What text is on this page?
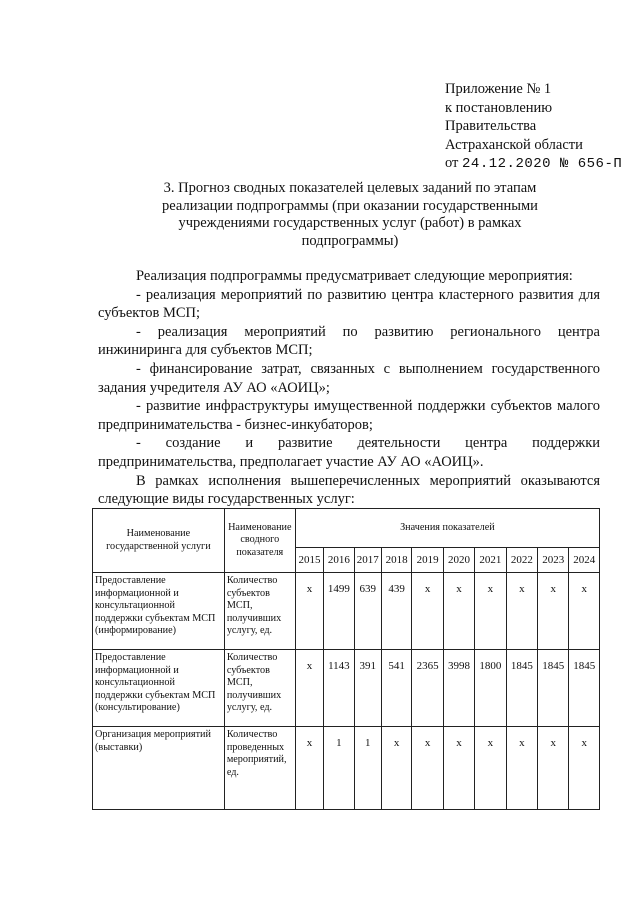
Приложение № 1
к постановлению
Правительства
Астраханской области
от 24.12.2020 № 656-П
3. Прогноз сводных показателей целевых заданий по этапам реализации подпрограммы (при оказании государственными учреждениями государственных услуг (работ) в рамках подпрограммы)

Реализация подпрограммы предусматривает следующие мероприятия:

- реализация мероприятий по развитию центра кластерного развития для субъектов МСП;

- реализация мероприятий по развитию регионального центра инжиниринга для субъектов МСП;

- финансирование затрат, связанных с выполнением государственного задания учредителя АУ АО «АОИЦ»;

- развитие инфраструктуры имущественной поддержки субъектов малого предпринимательства - бизнес-инкубаторов;

- создание и развитие деятельности центра поддержки предпринимательства, предполагает участие АУ АО «АОИЦ».

В рамках исполнения вышеперечисленных мероприятий оказываются следующие виды государственных услуг:

Наименование государственной услуги	Наименование сводного показателя	Значения показателей									
		2015	2016	2017	2018	2019	2020	2021	2022	2023	2024
Предоставление информационной и консультационной поддержки субъектам МСП (информирование)	Количество субъектов МСП, получивших услугу, ед.	x	1499	639	439	x	x	x	x	x	x
Предоставление информационной и консультационной поддержки субъектам МСП (консультирование)	Количество субъектов МСП, получивших услугу, ед.	x	1143	391	541	2365	3998	1800	1845	1845	1845
Организация мероприятий (выставки)	Количество проведенных мероприятий, ед.	x	1	1	x	x	x	x	x	x	x
